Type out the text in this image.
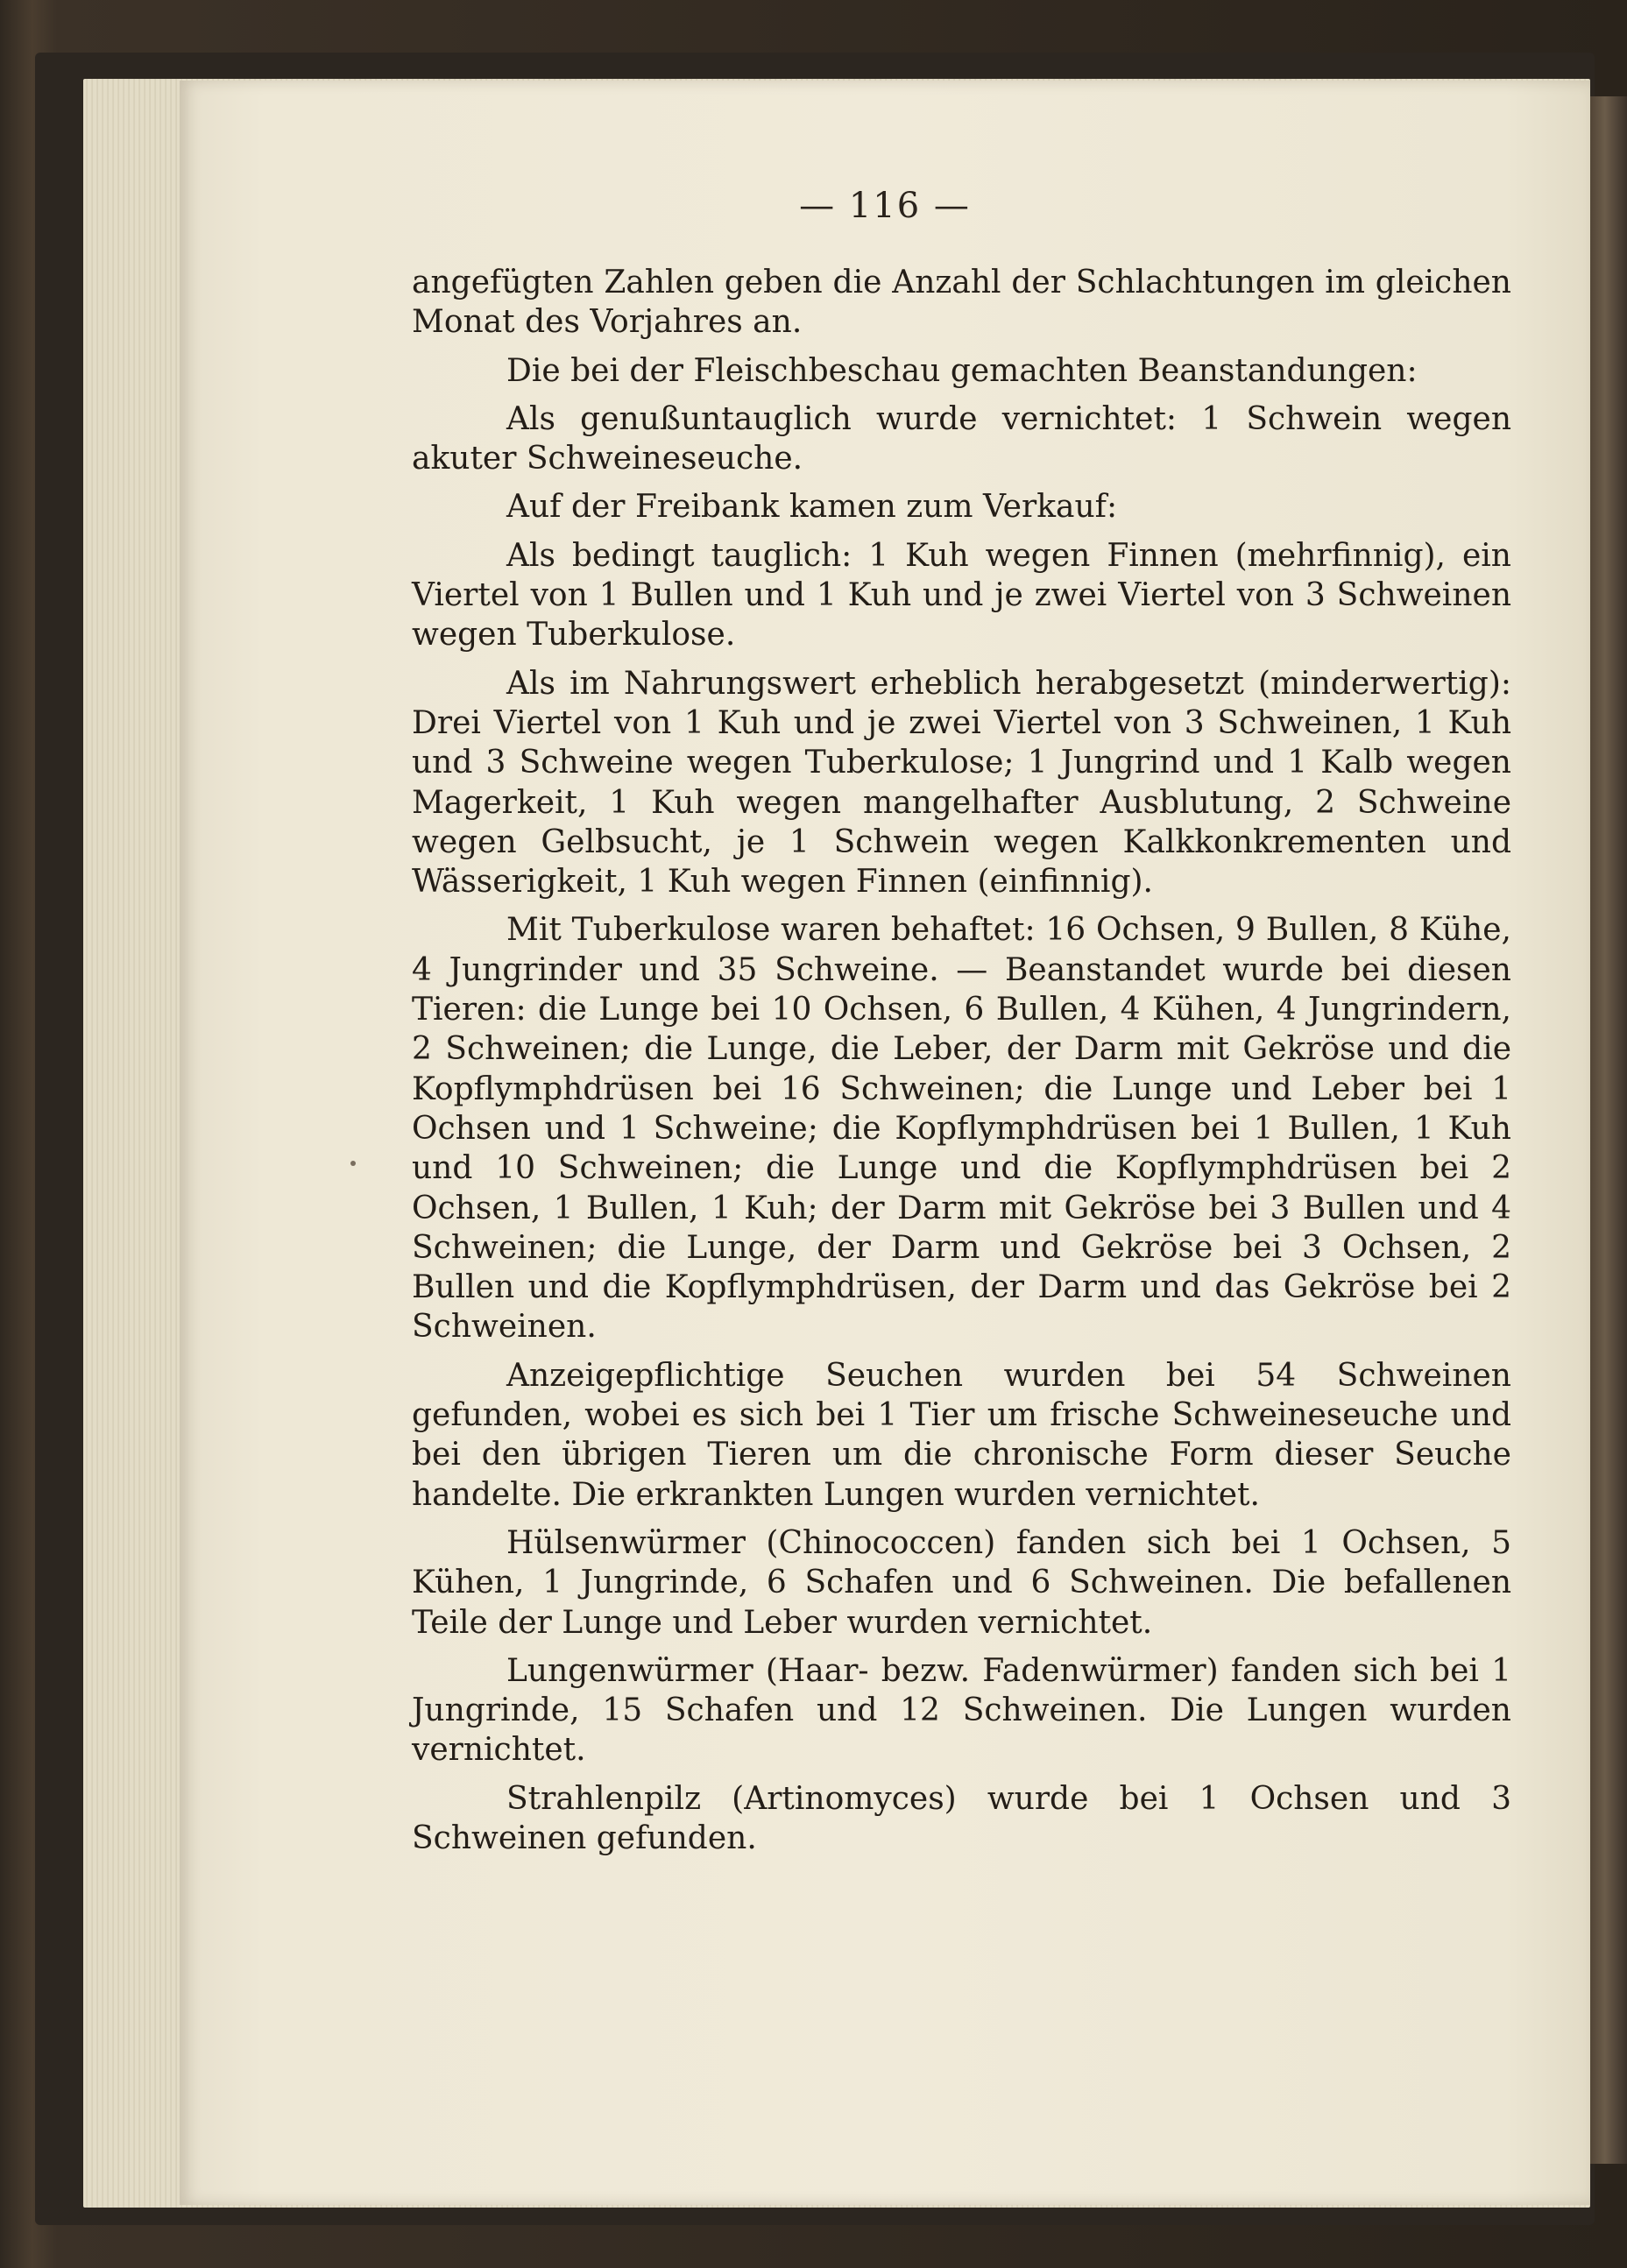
— 116 —

angefügten Zahlen geben die Anzahl der Schlachtungen im gleichen Monat des Vorjahres an.

Die bei der Fleischbeschau gemachten Beanstandungen:

Als genußuntauglich wurde vernichtet: 1 Schwein wegen akuter Schweineseuche.

Auf der Freibank kamen zum Verkauf:

Als bedingt tauglich: 1 Kuh wegen Finnen (mehrfinnig), ein Viertel von 1 Bullen und 1 Kuh und je zwei Viertel von 3 Schweinen wegen Tuberkulose.

Als im Nahrungswert erheblich herabgesetzt (minderwertig): Drei Viertel von 1 Kuh und je zwei Viertel von 3 Schweinen, 1 Kuh und 3 Schweine wegen Tuberkulose; 1 Jungrind und 1 Kalb wegen Magerkeit, 1 Kuh wegen mangelhafter Ausblutung, 2 Schweine wegen Gelbsucht, je 1 Schwein wegen Kalkkonkrementen und Wässerigkeit, 1 Kuh wegen Finnen (einfinnig).

Mit Tuberkulose waren behaftet: 16 Ochsen, 9 Bullen, 8 Kühe, 4 Jungrinder und 35 Schweine. — Beanstandet wurde bei diesen Tieren: die Lunge bei 10 Ochsen, 6 Bullen, 4 Kühen, 4 Jungrindern, 2 Schweinen; die Lunge, die Leber, der Darm mit Gekröse und die Kopflymphdrüsen bei 16 Schweinen; die Lunge und Leber bei 1 Ochsen und 1 Schweine; die Kopflymphdrüsen bei 1 Bullen, 1 Kuh und 10 Schweinen; die Lunge und die Kopflymphdrüsen bei 2 Ochsen, 1 Bullen, 1 Kuh; der Darm mit Gekröse bei 3 Bullen und 4 Schweinen; die Lunge, der Darm und Gekröse bei 3 Ochsen, 2 Bullen und die Kopflymphdrüsen, der Darm und das Gekröse bei 2 Schweinen.

Anzeigepflichtige Seuchen wurden bei 54 Schweinen gefunden, wobei es sich bei 1 Tier um frische Schweineseuche und bei den übrigen Tieren um die chronische Form dieser Seuche handelte. Die erkrankten Lungen wurden vernichtet.

Hülsenwürmer (Chinococcen) fanden sich bei 1 Ochsen, 5 Kühen, 1 Jungrinde, 6 Schafen und 6 Schweinen. Die befallenen Teile der Lunge und Leber wurden vernichtet.

Lungenwürmer (Haar- bezw. Fadenwürmer) fanden sich bei 1 Jungrinde, 15 Schafen und 12 Schweinen. Die Lungen wurden vernichtet.

Strahlenpilz (Artinomyces) wurde bei 1 Ochsen und 3 Schweinen gefunden.
